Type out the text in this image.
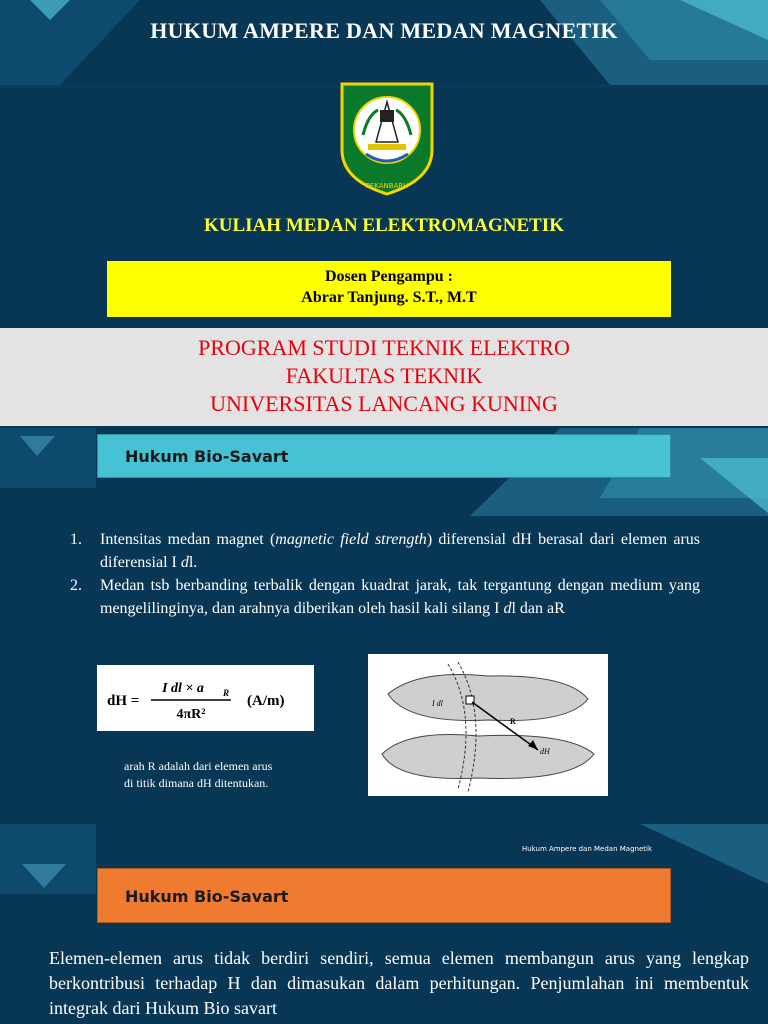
HUKUM AMPERE DAN MEDAN MAGNETIK
PEKANBARU
KULIAH MEDAN ELEKTROMAGNETIK
Dosen Pengampu :
Abrar Tanjung. S.T., M.T
PROGRAM STUDI TEKNIK ELEKTRO
FAKULTAS TEKNIK
UNIVERSITAS LANCANG KUNING
Hukum Bio-Savart
1. Intensitas medan magnet (magnetic field strength) diferensial dH berasal dari elemen arus diferensial I dl.
2. Medan tsb berbanding terbalik dengan kuadrat jarak, tak tergantung dengan medium yang mengelilinginya, dan arahnya diberikan oleh hasil kali silang I dl dan aR
dH =
I dl × a R
4πR²
(A/m)
arah R adalah dari elemen arus
di titik dimana dH ditentukan.
I dl
R
dH
Hukum Ampere dan Medan Magnetik
Hukum Bio-Savart
Elemen-elemen arus tidak berdiri sendiri, semua elemen membangun arus yang lengkap berkontribusi terhadap H dan dimasukan dalam perhitungan. Penjumlahan ini membentuk integrak dari Hukum Bio savart
